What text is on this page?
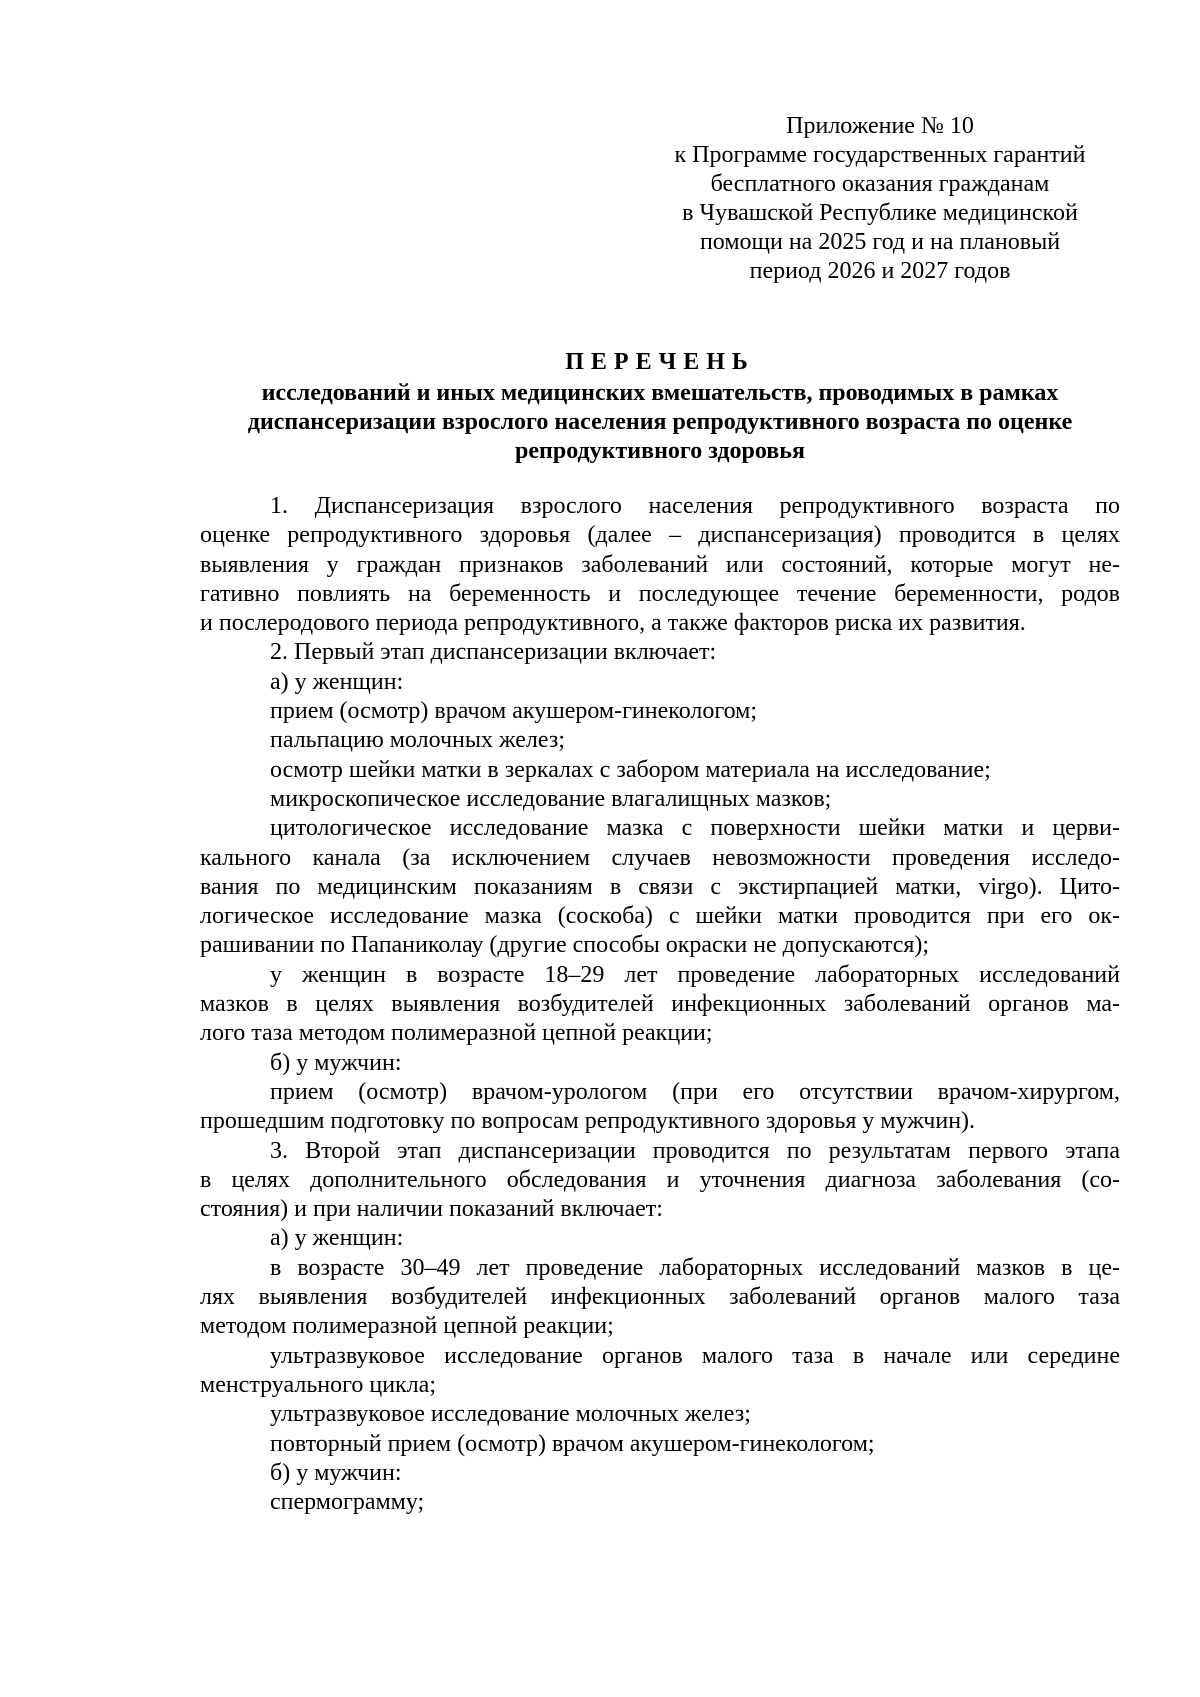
Приложение № 10
к Программе государственных гарантий
бесплатного оказания гражданам
в Чувашской Республике медицинской
помощи на 2025 год и на плановый
период 2026 и 2027 годов
ПЕРЕЧЕНЬ
исследований и иных медицинских вмешательств, проводимых в рамках
диспансеризации взрослого населения репродуктивного возраста по оценке
репродуктивного здоровья
1. Диспансеризация взрослого населения репродуктивного возраста по
оценке репродуктивного здоровья (далее – диспансеризация) проводится в целях
выявления у граждан признаков заболеваний или состояний, которые могут не-
гативно повлиять на беременность и последующее течение беременности, родов
и послеродового периода репродуктивного, а также факторов риска их развития.
2. Первый этап диспансеризации включает:
а) у женщин:
прием (осмотр) врачом акушером-гинекологом;
пальпацию молочных желез;
осмотр шейки матки в зеркалах с забором материала на исследование;
микроскопическое исследование влагалищных мазков;
цитологическое исследование мазка с поверхности шейки матки и церви-
кального канала (за исключением случаев невозможности проведения исследо-
вания по медицинским показаниям в связи с экстирпацией матки, virgo). Цито-
логическое исследование мазка (соскоба) с шейки матки проводится при его ок-
рашивании по Папаниколау (другие способы окраски не допускаются);
у женщин в возрасте 18–29 лет проведение лабораторных исследований
мазков в целях выявления возбудителей инфекционных заболеваний органов ма-
лого таза методом полимеразной цепной реакции;
б) у мужчин:
прием (осмотр) врачом-урологом (при его отсутствии врачом-хирургом,
прошедшим подготовку по вопросам репродуктивного здоровья у мужчин).
3. Второй этап диспансеризации проводится по результатам первого этапа
в целях дополнительного обследования и уточнения диагноза заболевания (со-
стояния) и при наличии показаний включает:
а) у женщин:
в возрасте 30–49 лет проведение лабораторных исследований мазков в це-
лях выявления возбудителей инфекционных заболеваний органов малого таза
методом полимеразной цепной реакции;
ультразвуковое исследование органов малого таза в начале или середине
менструального цикла;
ультразвуковое исследование молочных желез;
повторный прием (осмотр) врачом акушером-гинекологом;
б) у мужчин:
спермограмму;
